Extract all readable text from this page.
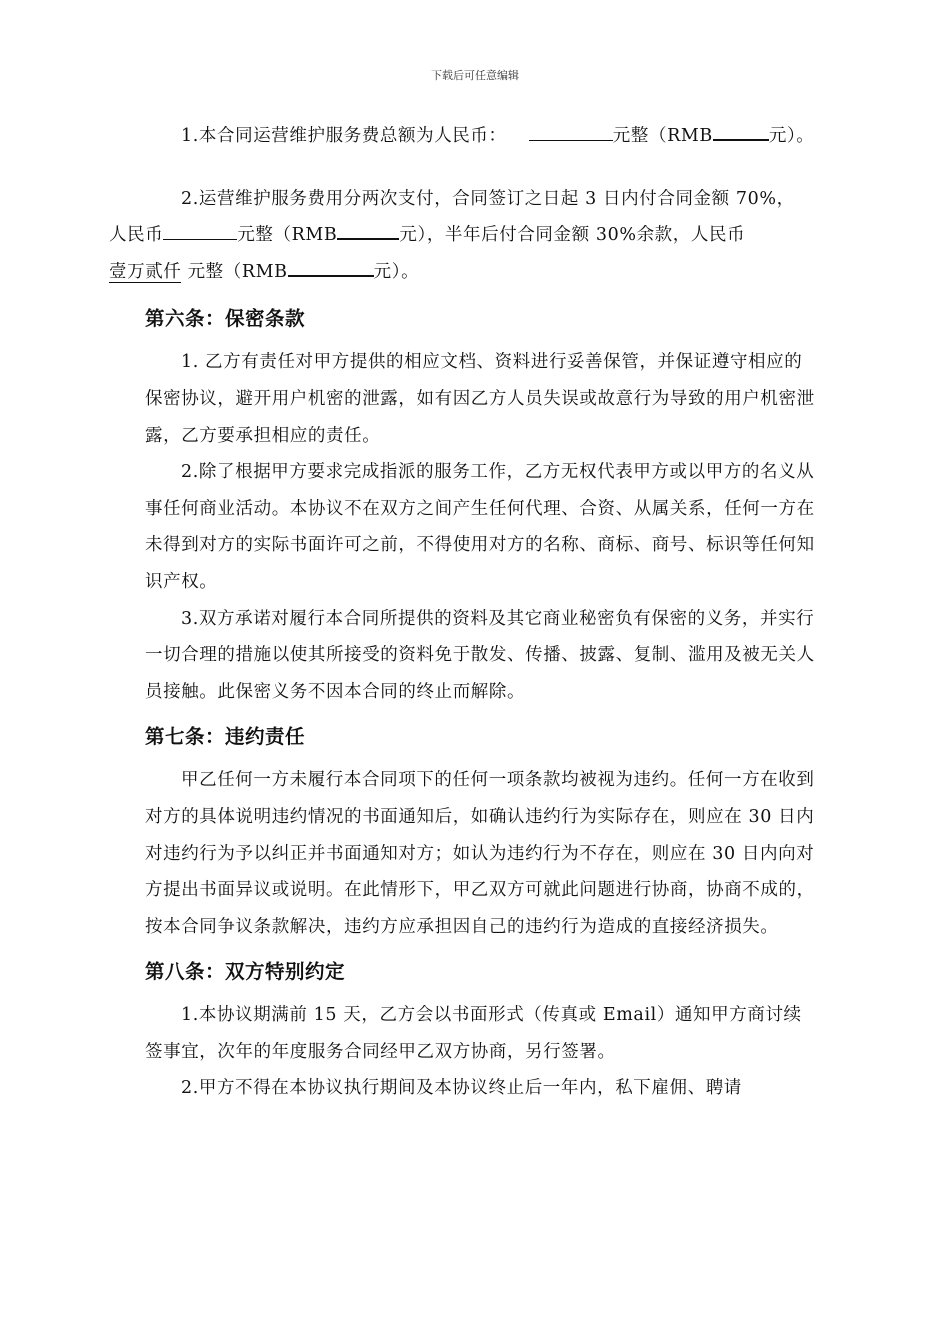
下载后可任意编辑

1.本合同运营维护服务费总额为人民币：	元整（RMB	元）。

2.运营维护服务费用分两次支付，合同签订之日起 3 日内付合同金额 70%，
人民币	元整（RMB	元），半年后付合同金额 30%余款，人民币
壹万贰仟 元整（RMB	元）。

第六条：保密条款

1. 乙方有责任对甲方提供的相应文档、资料进行妥善保管，并保证遵守相应的保密协议，避开用户机密的泄露，如有因乙方人员失误或故意行为导致的用户机密泄露，乙方要承担相应的责任。

2.除了根据甲方要求完成指派的服务工作，乙方无权代表甲方或以甲方的名义从事任何商业活动。本协议不在双方之间产生任何代理、合资、从属关系，任何一方在未得到对方的实际书面许可之前，不得使用对方的名称、商标、商号、标识等任何知识产权。

3.双方承诺对履行本合同所提供的资料及其它商业秘密负有保密的义务，并实行一切合理的措施以使其所接受的资料免于散发、传播、披露、复制、滥用及被无关人员接触。此保密义务不因本合同的终止而解除。

第七条：违约责任

甲乙任何一方未履行本合同项下的任何一项条款均被视为违约。任何一方在收到对方的具体说明违约情况的书面通知后，如确认违约行为实际存在，则应在 30 日内对违约行为予以纠正并书面通知对方；如认为违约行为不存在，则应在 30 日内向对方提出书面异议或说明。在此情形下，甲乙双方可就此问题进行协商，协商不成的，按本合同争议条款解决，违约方应承担因自己的违约行为造成的直接经济损失。

第八条：双方特别约定

1.本协议期满前 15 天，乙方会以书面形式（传真或 Email）通知甲方商讨续签事宜，次年的年度服务合同经甲乙双方协商，另行签署。

2.甲方不得在本协议执行期间及本协议终止后一年内，私下雇佣、聘请
